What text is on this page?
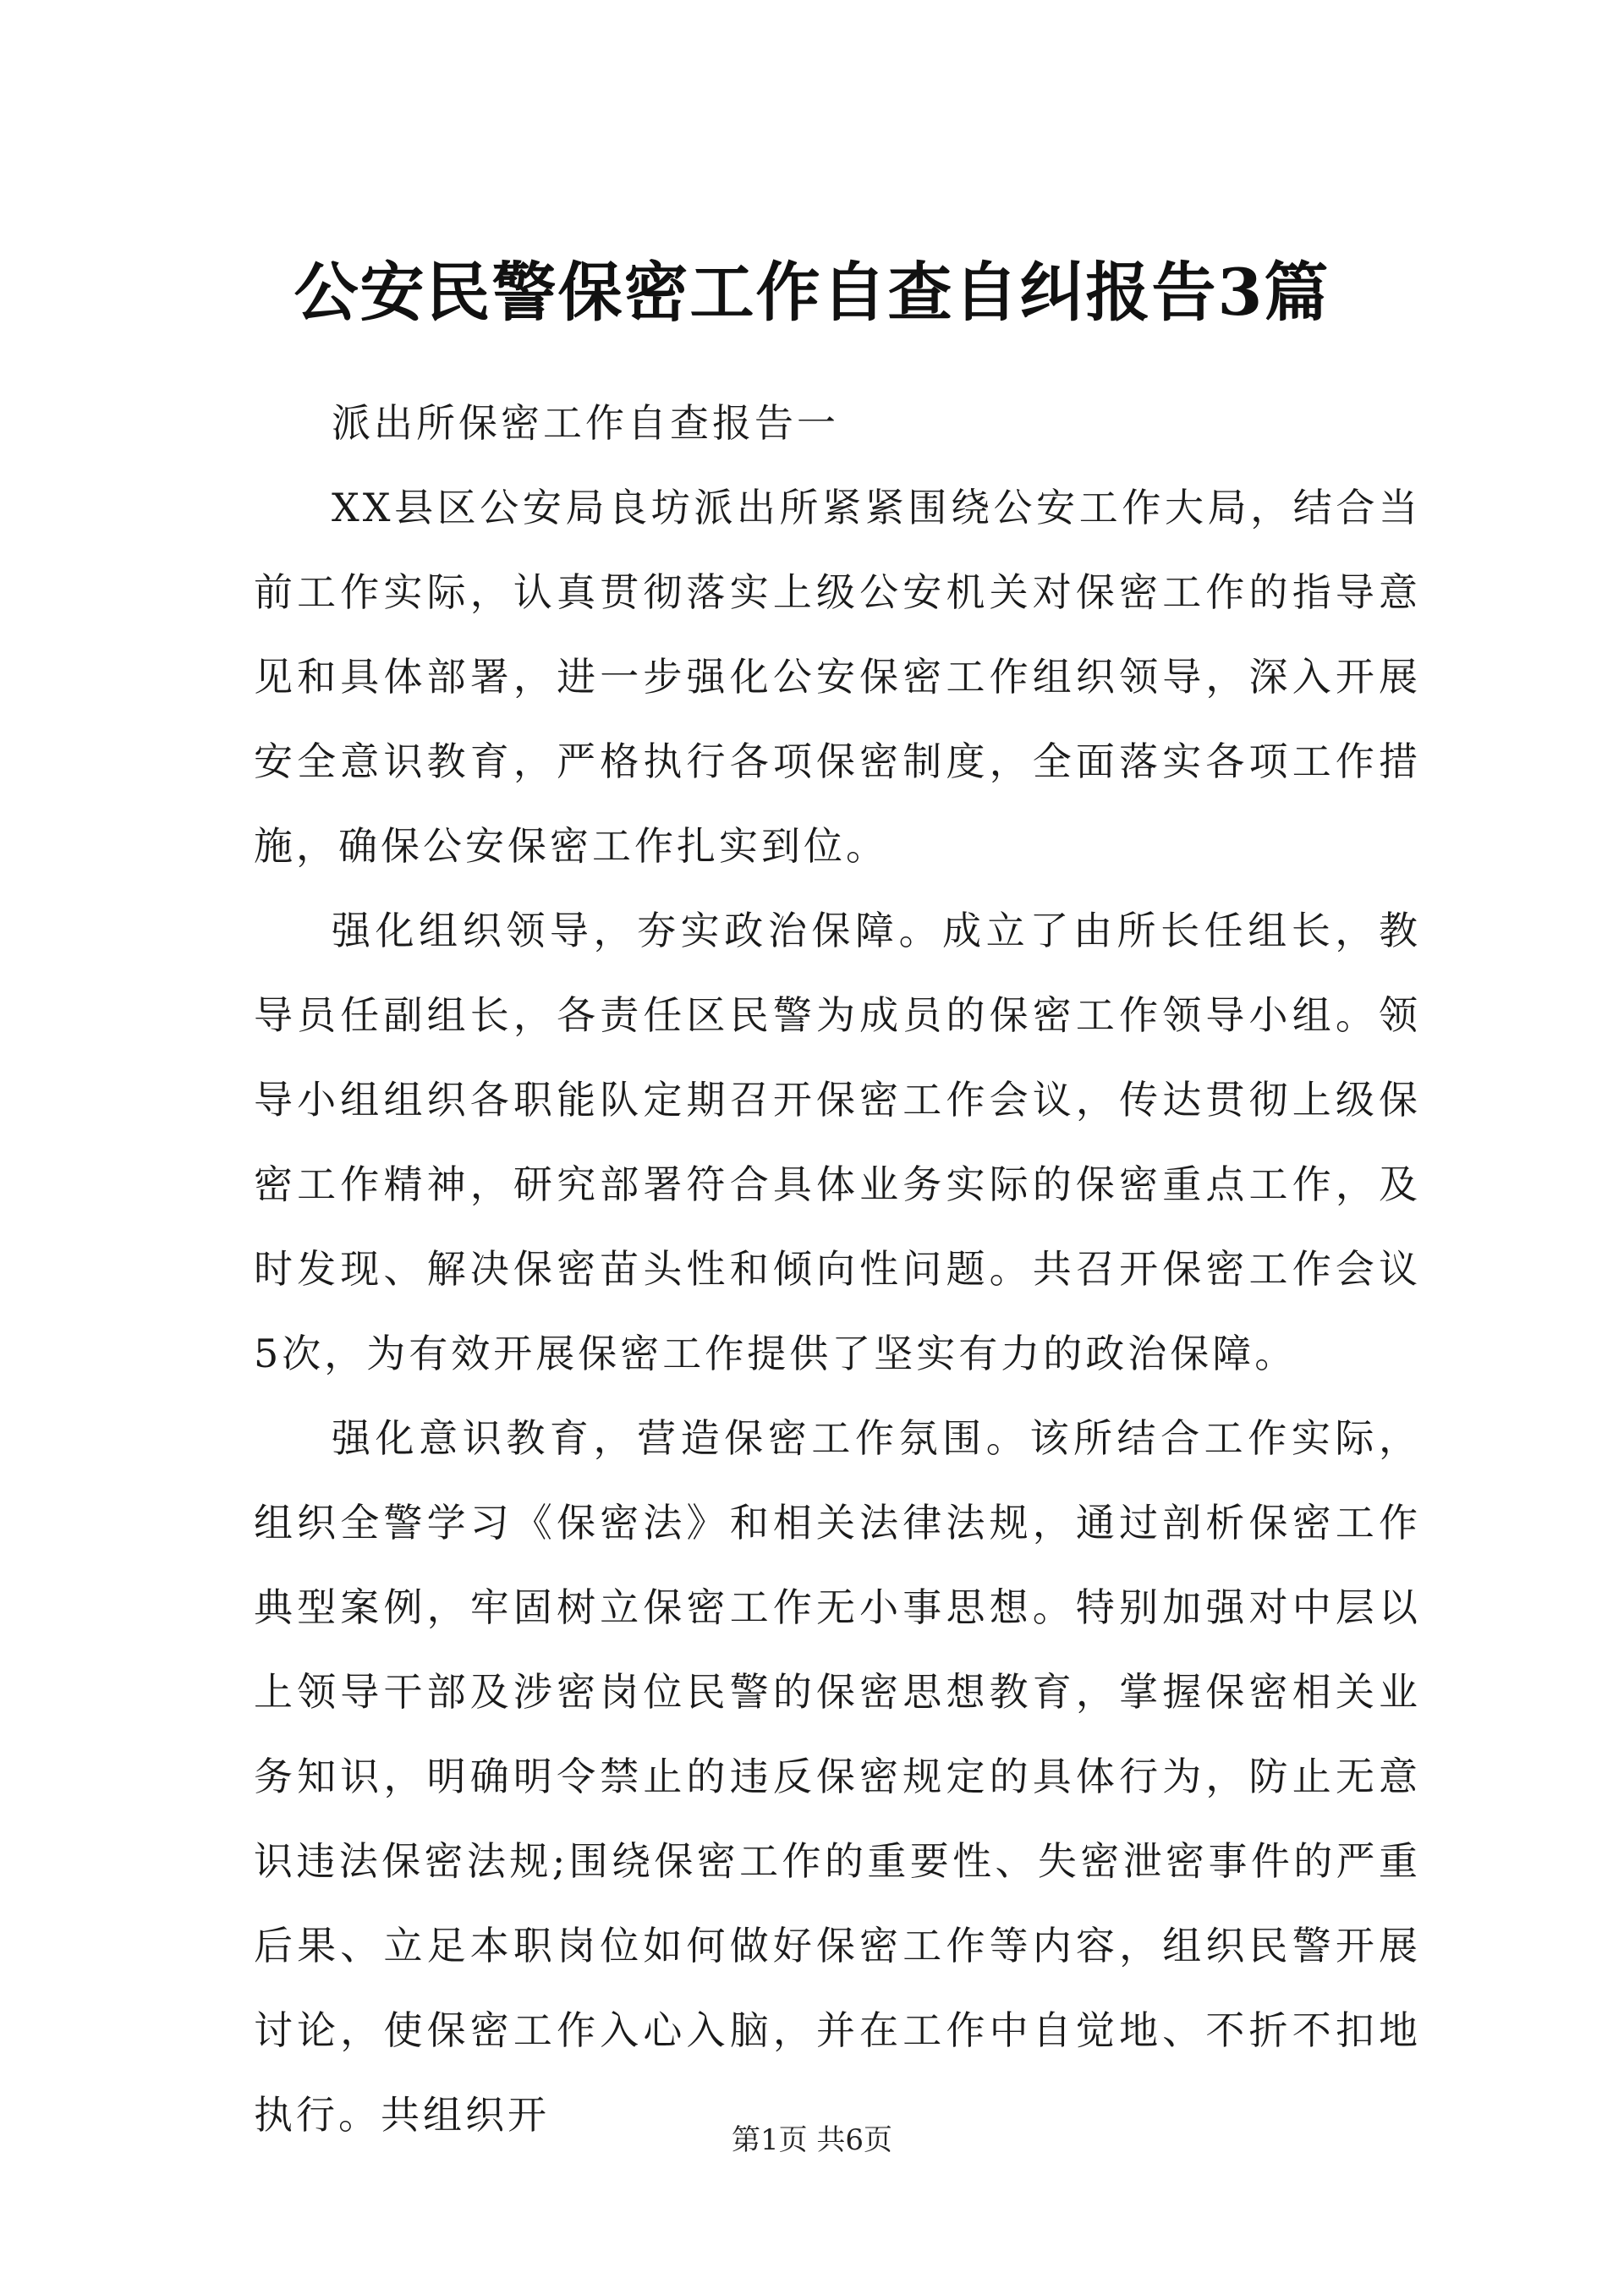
公安民警保密工作自查自纠报告3篇

派出所保密工作自查报告一

XX县区公安局良坊派出所紧紧围绕公安工作大局，结合当前工作实际，认真贯彻落实上级公安机关对保密工作的指导意见和具体部署，进一步强化公安保密工作组织领导，深入开展安全意识教育，严格执行各项保密制度，全面落实各项工作措施，确保公安保密工作扎实到位。

强化组织领导，夯实政治保障。成立了由所长任组长，教导员任副组长，各责任区民警为成员的保密工作领导小组。领导小组组织各职能队定期召开保密工作会议，传达贯彻上级保密工作精神，研究部署符合具体业务实际的保密重点工作，及时发现、解决保密苗头性和倾向性问题。共召开保密工作会议5次，为有效开展保密工作提供了坚实有力的政治保障。

强化意识教育，营造保密工作氛围。该所结合工作实际，组织全警学习《保密法》和相关法律法规，通过剖析保密工作典型案例，牢固树立保密工作无小事思想。特别加强对中层以上领导干部及涉密岗位民警的保密思想教育，掌握保密相关业务知识，明确明令禁止的违反保密规定的具体行为，防止无意识违法保密法规;围绕保密工作的重要性、失密泄密事件的严重后果、立足本职岗位如何做好保密工作等内容，组织民警开展讨论，使保密工作入心入脑，并在工作中自觉地、不折不扣地执行。共组织开

第1页 共6页
